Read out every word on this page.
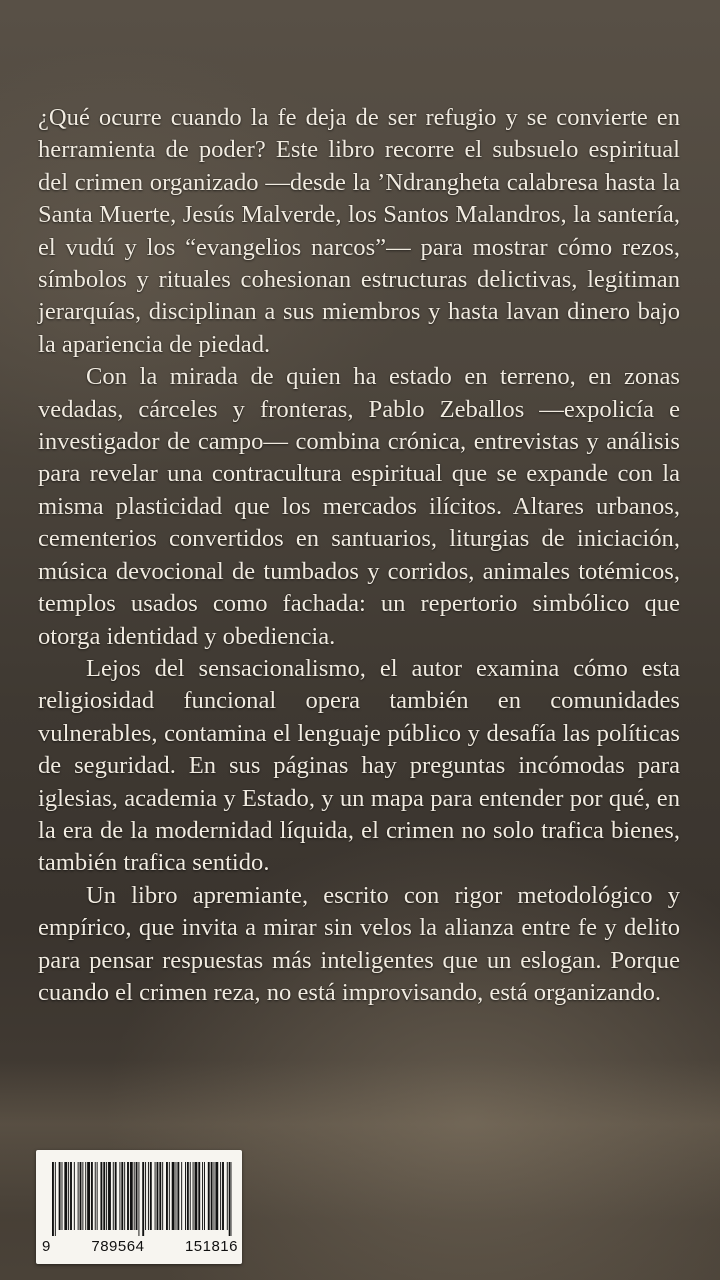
¿Qué ocurre cuando la fe deja de ser refugio y se convierte en herramienta de poder? Este libro recorre el subsuelo espiritual del crimen organizado —desde la ’Ndrangheta calabresa hasta la Santa Muerte, Jesús Malverde, los Santos Malandros, la santería, el vudú y los “evangelios narcos”— para mostrar cómo rezos, símbolos y rituales cohesionan estructuras delictivas, legitiman jerarquías, disciplinan a sus miembros y hasta lavan dinero bajo la apariencia de piedad.

Con la mirada de quien ha estado en terreno, en zonas vedadas, cárceles y fronteras, Pablo Zeballos —expolicía e investigador de campo— combina crónica, entrevistas y análisis para revelar una contracultura espiritual que se expande con la misma plasticidad que los mercados ilícitos. Altares urbanos, cementerios convertidos en santuarios, liturgias de iniciación, música devocional de tumbados y corridos, animales totémicos, templos usados como fachada: un repertorio simbólico que otorga identidad y obediencia.

Lejos del sensacionalismo, el autor examina cómo esta religiosidad funcional opera también en comunidades vulnerables, contamina el lenguaje público y desafía las políticas de seguridad. En sus páginas hay preguntas incómodas para iglesias, academia y Estado, y un mapa para entender por qué, en la era de la modernidad líquida, el crimen no solo trafica bienes, también trafica sentido.

Un libro apremiante, escrito con rigor metodológico y empírico, que invita a mirar sin velos la alianza entre fe y delito para pensar respuestas más inteligentes que un eslogan. Porque cuando el crimen reza, no está improvisando, está organizando.

9	789564	151816
